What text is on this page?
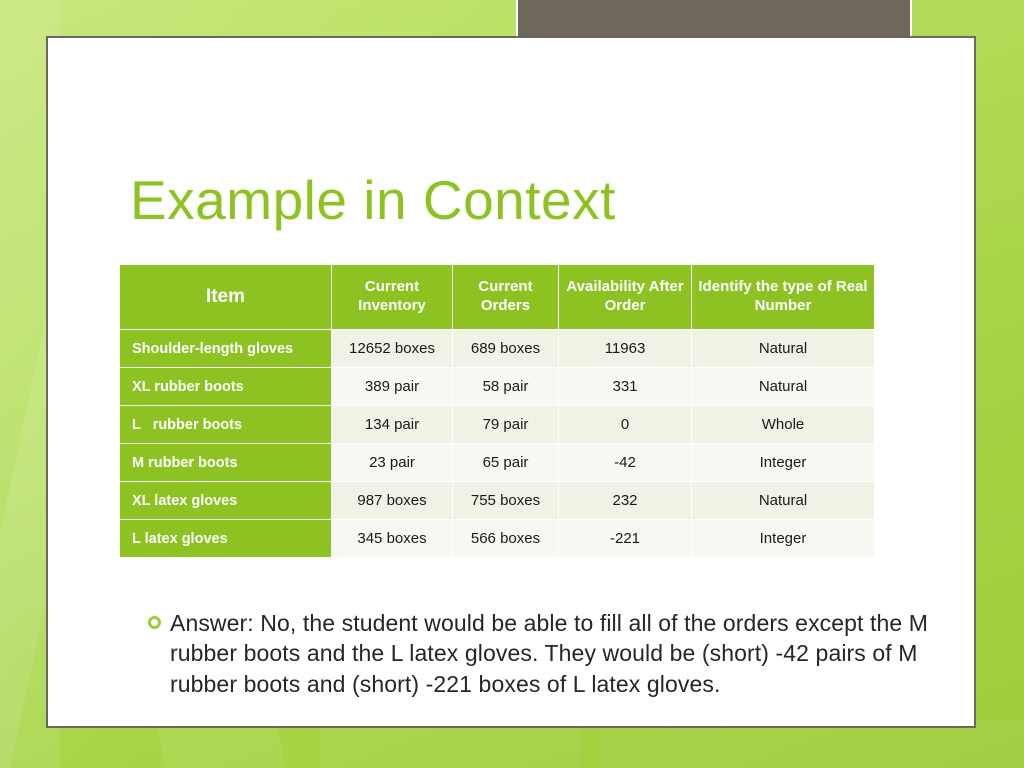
Example in Context
Item	Current Inventory	Current Orders	Availability After Order	Identify the type of Real Number
Shoulder-length gloves	12652 boxes	689 boxes	11963	Natural
XL rubber boots	389 pair	58 pair	331	Natural
L   rubber boots	134 pair	79 pair	0	Whole
M rubber boots	23 pair	65 pair	-42	Integer
XL latex gloves	987 boxes	755 boxes	232	Natural
L latex gloves	345 boxes	566 boxes	-221	Integer
Answer: No, the student would be able to fill all of the orders except the M rubber boots and the L latex gloves. They would be (short) -42 pairs of M rubber boots and (short) -221 boxes of L latex gloves.
